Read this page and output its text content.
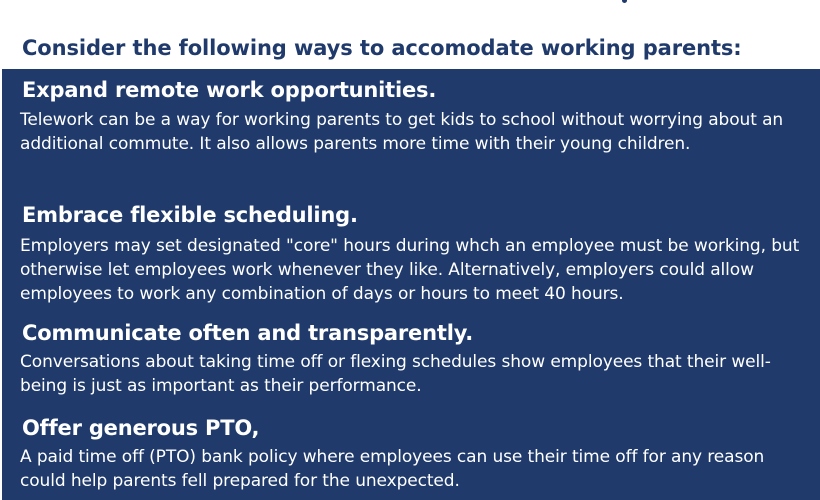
Consider the following ways to accomodate working parents:
Expand remote work opportunities.

Telework can be a way for working parents to get kids to school without worrying about an additional commute. It also allows parents more time with their young children.

Embrace flexible scheduling.

Employers may set designated "core" hours during whch an employee must be working, but otherwise let employees work whenever they like. Alternatively, employers could allow employees to work any combination of days or hours to meet 40 hours.

Communicate often and transparently.

Conversations about taking time off or flexing schedules show employees that their well-being is just as important as their performance.

Offer generous PTO,

A paid time off (PTO) bank policy where employees can use their time off for any reason could help parents fell prepared for the unexpected.
